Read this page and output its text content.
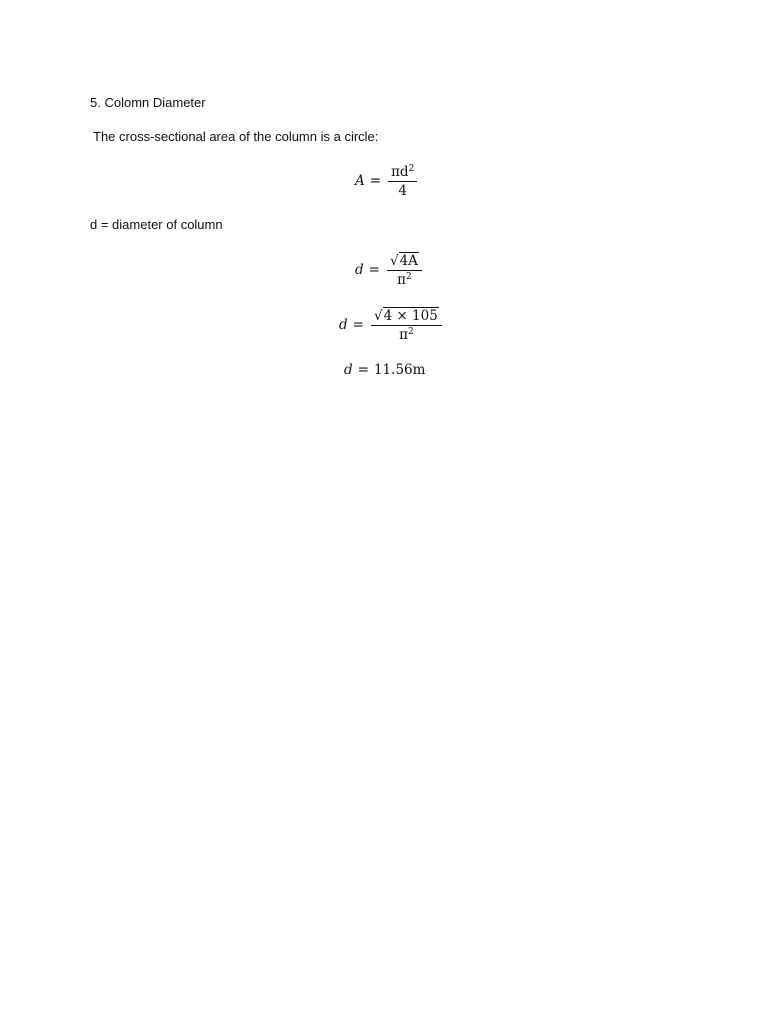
5. Colomn Diameter
The cross-sectional area of the column is a circle:
$A = \frac{\pi d^2}{4}$
d = diameter of column
$d = \frac{√4A}{\pi^2}$
$d = \frac{√4 \times 105}{\pi^2}$
d = 11.56m
